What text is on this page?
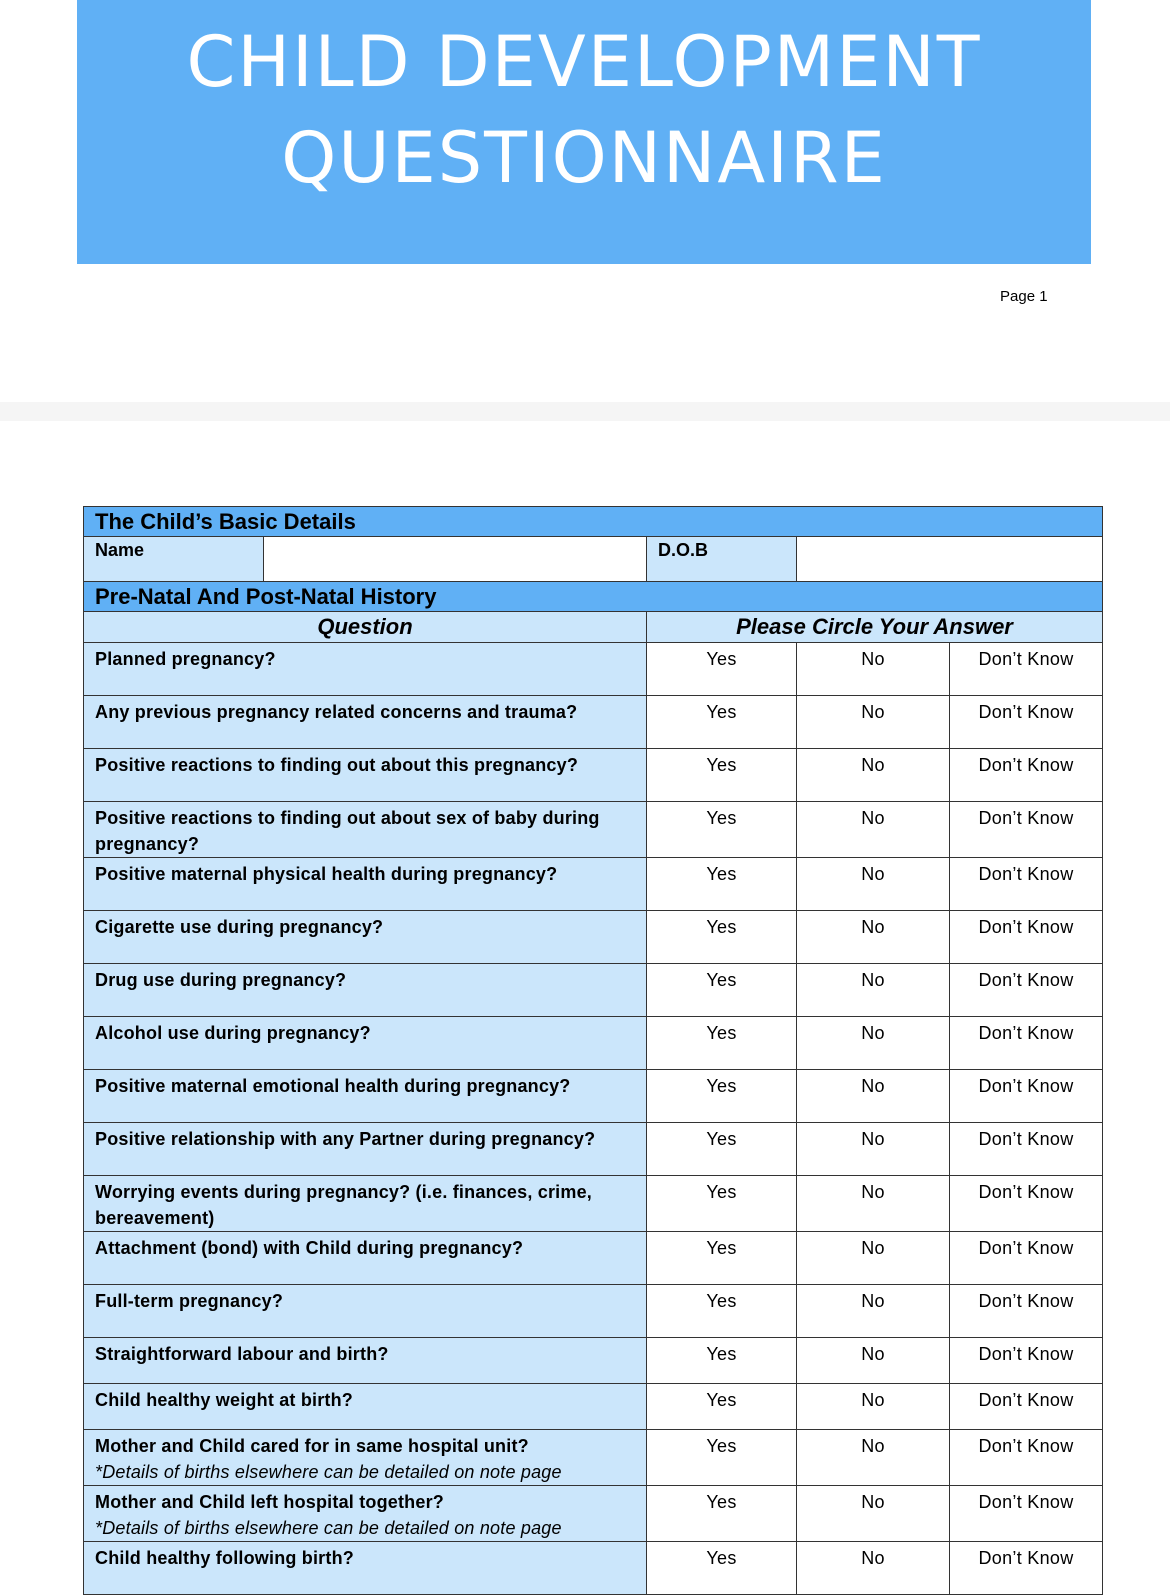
CHILD DEVELOPMENT
QUESTIONNAIRE
Page 1
The Child’s Basic Details				
Name		D.O.B		
Pre-Natal And Post-Natal History				
Question		Please Circle Your Answer		
Planned pregnancy?		Yes	No	Don’t Know
Any previous pregnancy related concerns and trauma?		Yes	No	Don’t Know
Positive reactions to finding out about this pregnancy?		Yes	No	Don’t Know
Positive reactions to finding out about sex of baby during pregnancy?		Yes	No	Don’t Know
Positive maternal physical health during pregnancy?		Yes	No	Don’t Know
Cigarette use during pregnancy?		Yes	No	Don’t Know
Drug use during pregnancy?		Yes	No	Don’t Know
Alcohol use during pregnancy?		Yes	No	Don’t Know
Positive maternal emotional health during pregnancy?		Yes	No	Don’t Know
Positive relationship with any Partner during pregnancy?		Yes	No	Don’t Know
Worrying events during pregnancy? (i.e. finances, crime, bereavement)		Yes	No	Don’t Know
Attachment (bond) with Child during pregnancy?		Yes	No	Don’t Know
Full-term pregnancy?		Yes	No	Don’t Know
Straightforward labour and birth?		Yes	No	Don’t Know
Child healthy weight at birth?		Yes	No	Don’t Know
Mother and Child cared for in same hospital unit?
*Details of births elsewhere can be detailed on note page		Yes	No	Don’t Know
Mother and Child left hospital together?
*Details of births elsewhere can be detailed on note page		Yes	No	Don’t Know
Child healthy following birth?		Yes	No	Don’t Know
